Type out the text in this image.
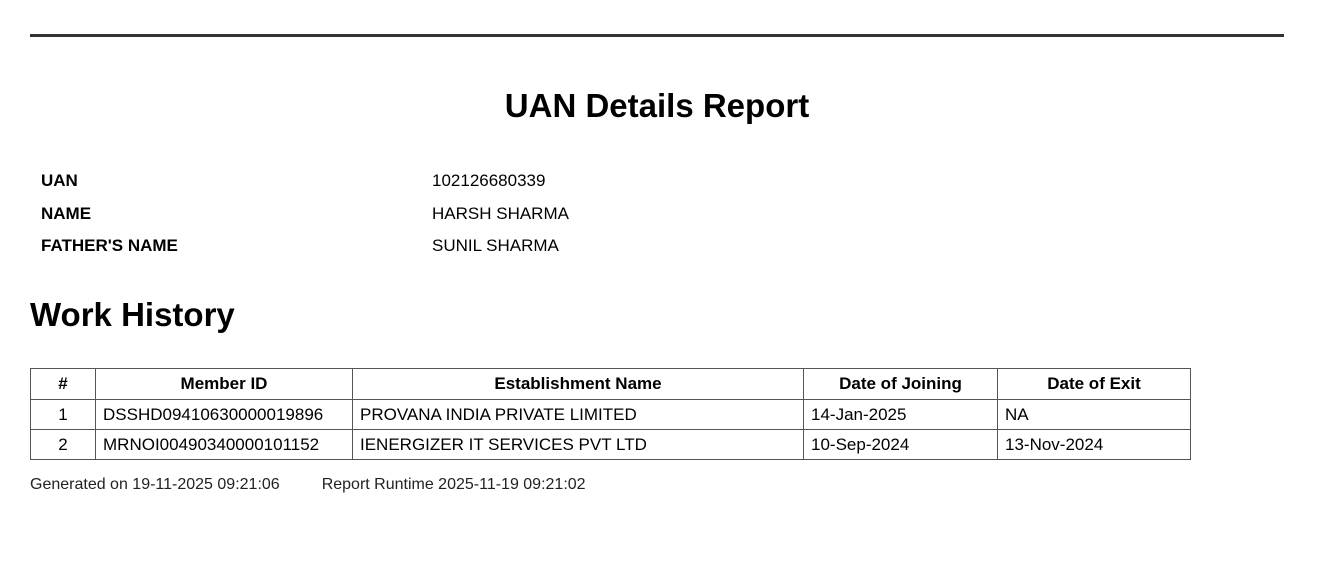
UAN Details Report
UAN	102126680339
NAME	HARSH SHARMA
FATHER'S NAME	SUNIL SHARMA
Work History
#	Member ID	Establishment Name	Date of Joining	Date of Exit
1	DSSHD09410630000019896	PROVANA INDIA PRIVATE LIMITED	14-Jan-2025	NA
2	MRNOI00490340000101152	IENERGIZER IT SERVICES PVT LTD	10-Sep-2024	13-Nov-2024
Generated on 19-11-2025 09:21:06	Report Runtime 2025-11-19 09:21:02
